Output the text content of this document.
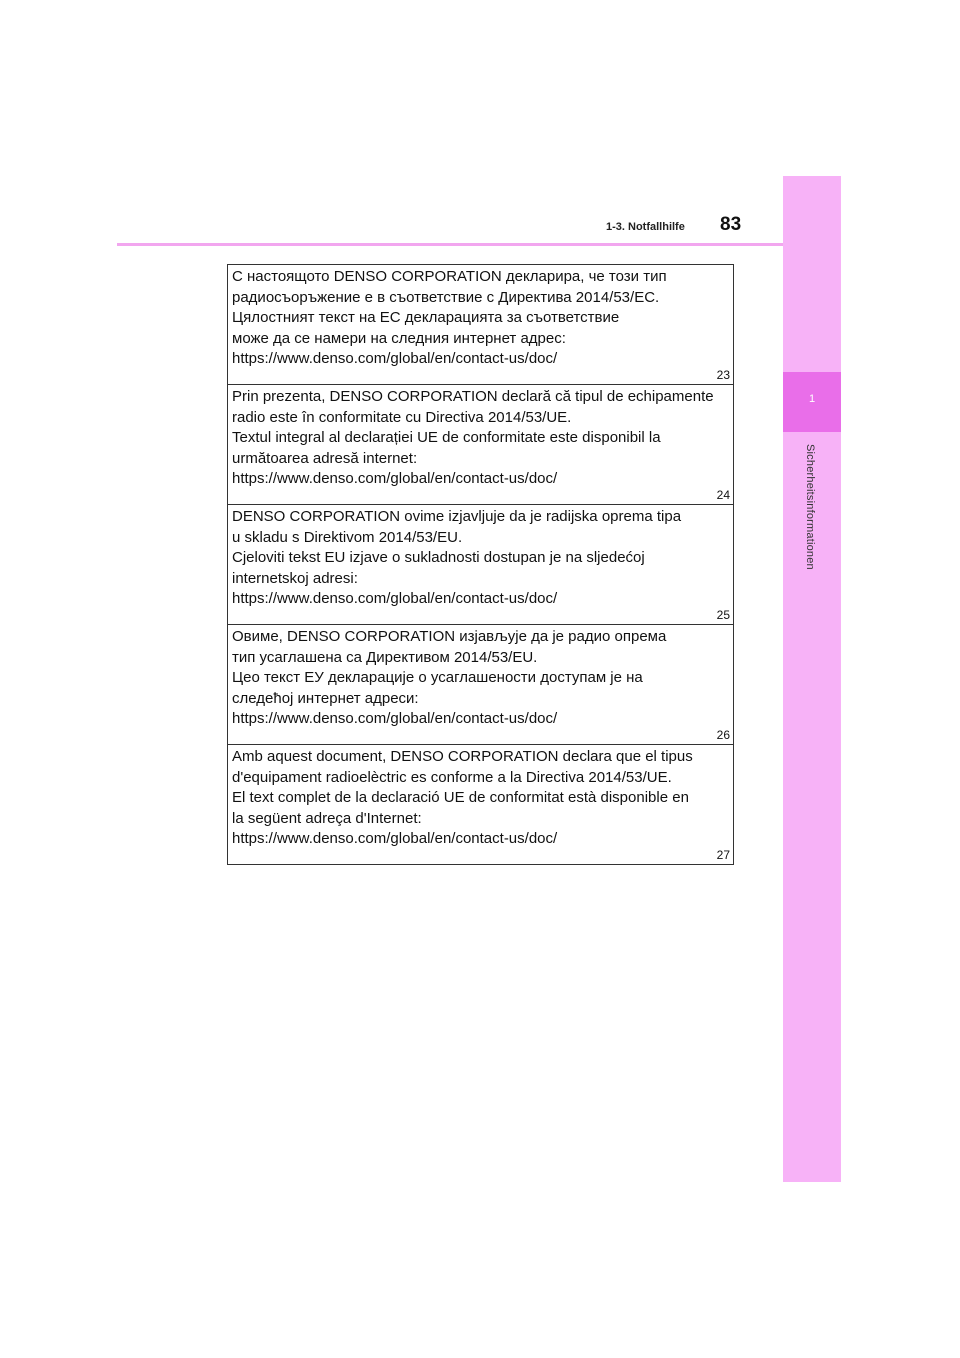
1
Sicherheitsinformationen
1-3. Notfallhilfe 83
С настоящото DENSO CORPORATION декларира, че този тип
радиосъоръжение е в съответствие с Директива 2014/53/ЕС.
Цялостният текст на ЕС декларацията за съответствие
може да се намери на следния интернет адрес:
https://www.denso.com/global/en/contact-us/doc/
23
Prin prezenta, DENSO CORPORATION declară că tipul de echipamente
radio este în conformitate cu Directiva 2014/53/UE.
Textul integral al declarației UE de conformitate este disponibil la
următoarea adresă internet:
https://www.denso.com/global/en/contact-us/doc/
24
DENSO CORPORATION ovime izjavljuje da je radijska oprema tipa
u skladu s Direktivom 2014/53/EU.
Cjeloviti tekst EU izjave o sukladnosti dostupan je na sljedećoj
internetskoj adresi:
https://www.denso.com/global/en/contact-us/doc/
25
Овиме, DENSO CORPORATION изјављује да је радио опрема
тип усаглашена са Директивом 2014/53/EU.
Цео текст ЕУ декларације о усаглашености доступам је на
следећој интернет адреси:
https://www.denso.com/global/en/contact-us/doc/
26
Amb aquest document, DENSO CORPORATION declara que el tipus
d'equipament radioelèctric es conforme a la Directiva 2014/53/UE.
El text complet de la declaració UE de conformitat està disponible en
la següent adreça d'Internet:
https://www.denso.com/global/en/contact-us/doc/
27
